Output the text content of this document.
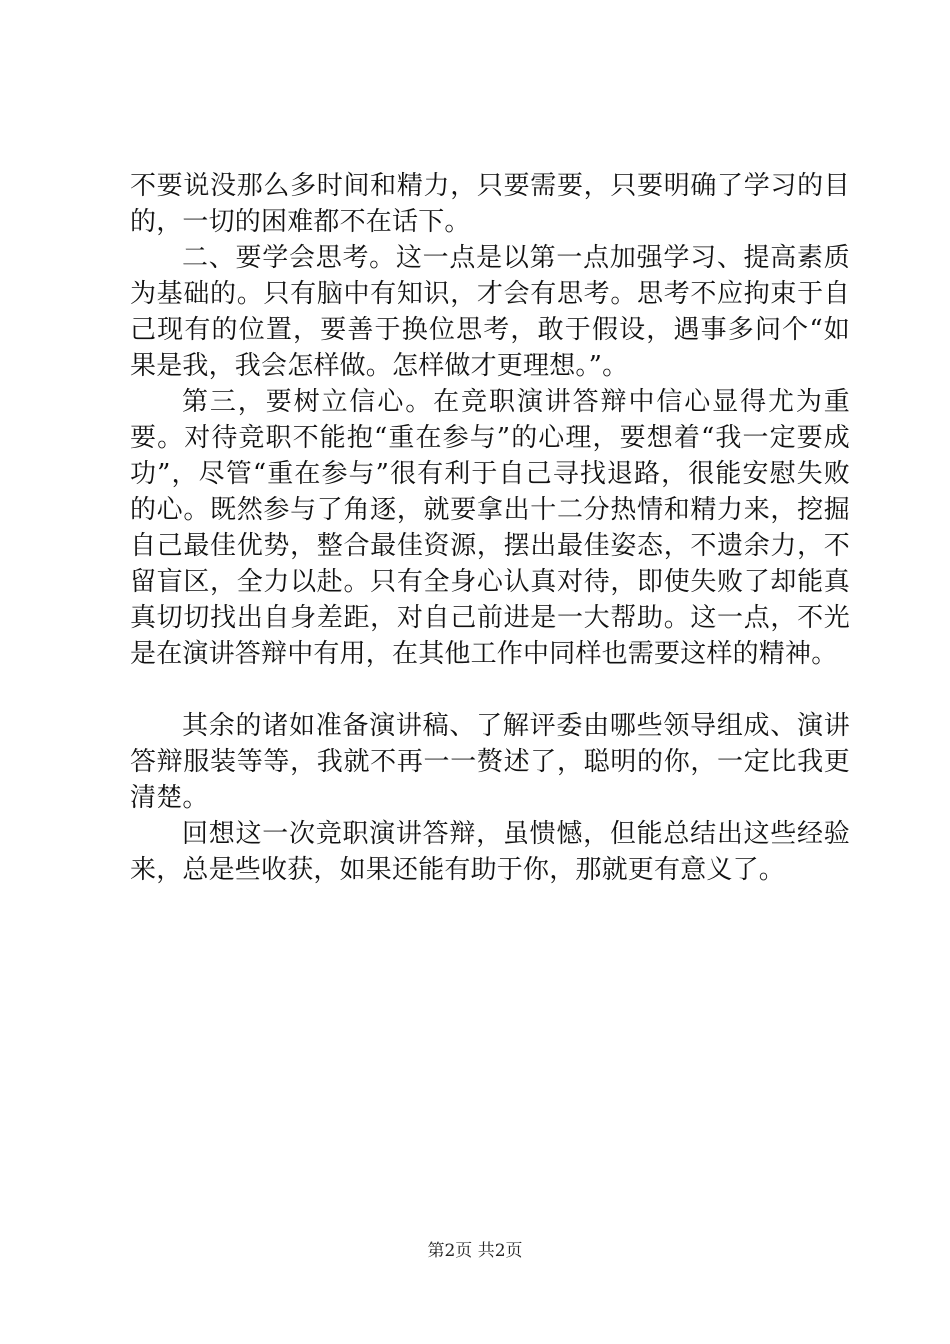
不要说没那么多时间和精力，只要需要，只要明确了学习的目的，一切的困难都不在话下。

二、要学会思考。这一点是以第一点加强学习、提高素质为基础的。只有脑中有知识，才会有思考。思考不应拘束于自己现有的位置，要善于换位思考，敢于假设，遇事多问个“如果是我，我会怎样做。怎样做才更理想。”。

第三，要树立信心。在竞职演讲答辩中信心显得尤为重要。对待竞职不能抱“重在参与”的心理，要想着“我一定要成功”，尽管“重在参与”很有利于自己寻找退路，很能安慰失败的心。既然参与了角逐，就要拿出十二分热情和精力来，挖掘自己最佳优势，整合最佳资源，摆出最佳姿态，不遗余力，不留盲区，全力以赴。只有全身心认真对待，即使失败了却能真真切切找出自身差距，对自己前进是一大帮助。这一点，不光是在演讲答辩中有用，在其他工作中同样也需要这样的精神。

其余的诸如准备演讲稿、了解评委由哪些领导组成、演讲答辩服装等等，我就不再一一赘述了，聪明的你，一定比我更清楚。

回想这一次竞职演讲答辩，虽愦憾，但能总结出这些经验来，总是些收获，如果还能有助于你，那就更有意义了。

第2页 共2页
